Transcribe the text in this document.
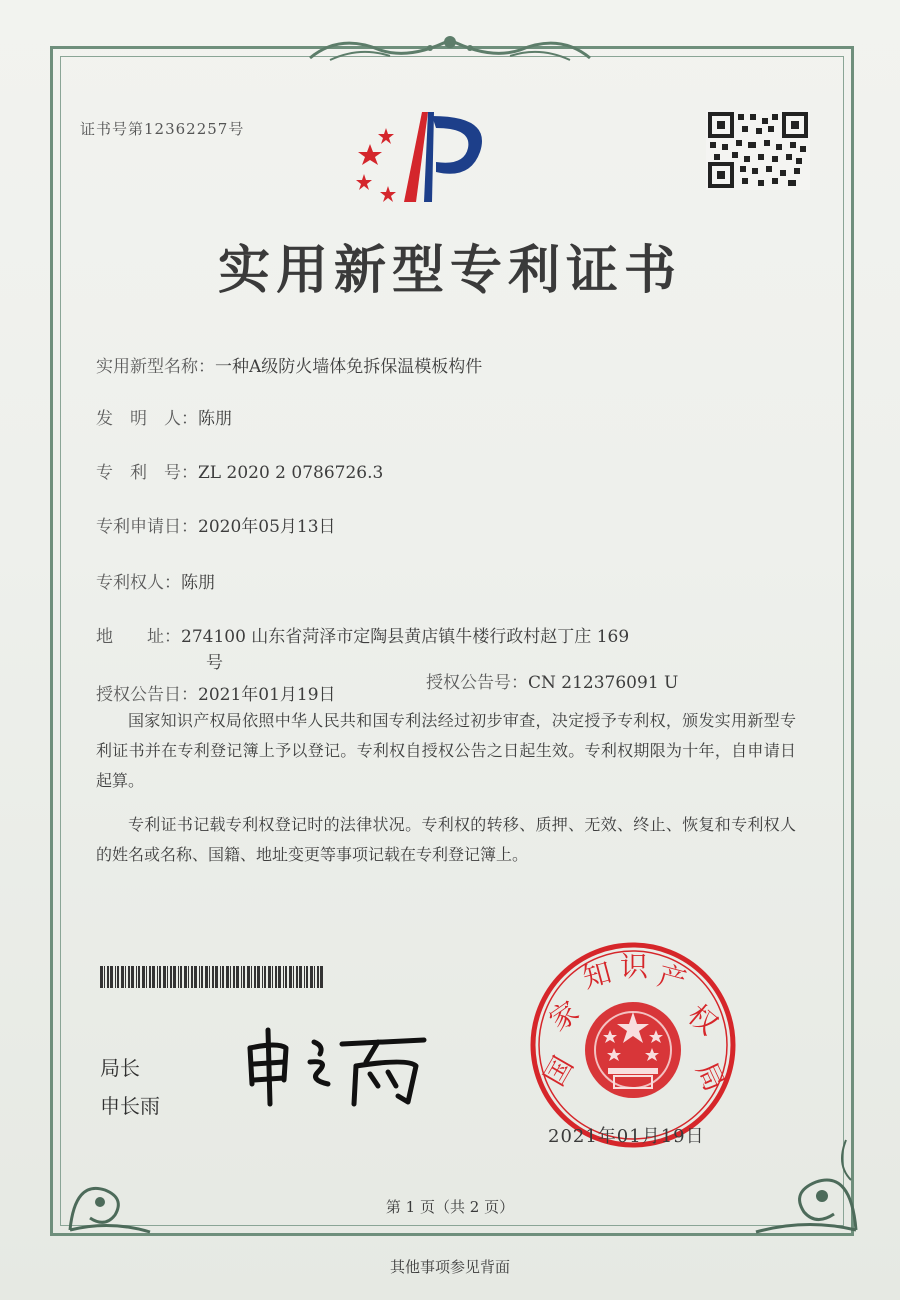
证书号第12362257号
实用新型专利证书
实用新型名称：一种A级防火墙体免拆保温模板构件
发　明　人：陈朋
专　利　号：ZL 2020 2 0786726.3
专利申请日：2020年05月13日
专利权人：陈朋
地　　址：274100 山东省菏泽市定陶县黄店镇牛楼行政村赵丁庄 169
号
授权公告日：2021年01月19日
授权公告号：CN 212376091 U
国家知识产权局依照中华人民共和国专利法经过初步审查，决定授予专利权，颁发实用新型专利证书并在专利登记簿上予以登记。专利权自授权公告之日起生效。专利权期限为十年，自申请日起算。
专利证书记载专利权登记时的法律状况。专利权的转移、质押、无效、终止、恢复和专利权人的姓名或名称、国籍、地址变更等事项记载在专利登记簿上。
局长
申长雨
国
家
知 识 产
权
局
2021年01月19日
第 1 页（共 2 页）
其他事项参见背面
